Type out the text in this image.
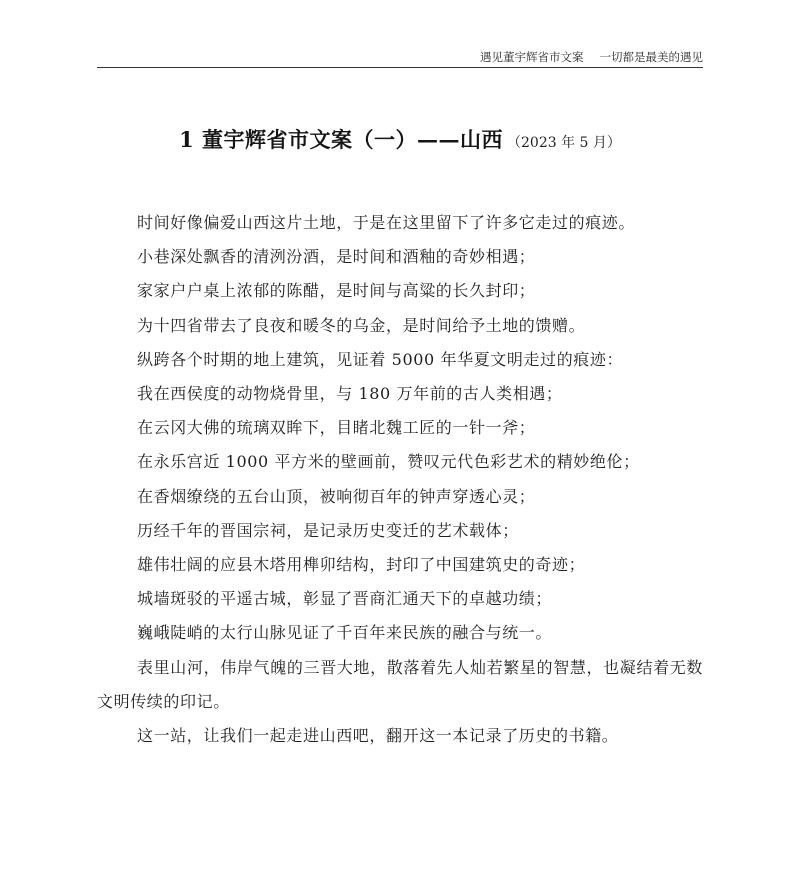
遇见董宇辉省市文案 一切都是最美的遇见
1 董宇辉省市文案（一）——山西 （2023 年 5 月）

时间好像偏爱山西这片土地，于是在这里留下了许多它走过的痕迹。

小巷深处飘香的清洌汾酒，是时间和酒釉的奇妙相遇；

家家户户桌上浓郁的陈醋，是时间与高粱的长久封印；

为十四省带去了良夜和暖冬的乌金，是时间给予土地的馈赠。

纵跨各个时期的地上建筑，见证着 5000 年华夏文明走过的痕迹：

我在西侯度的动物烧骨里，与 180 万年前的古人类相遇；

在云冈大佛的琉璃双眸下，目睹北魏工匠的一针一斧；

在永乐宫近 1000 平方米的壁画前，赞叹元代色彩艺术的精妙绝伦；

在香烟缭绕的五台山顶，被响彻百年的钟声穿透心灵；

历经千年的晋国宗祠，是记录历史变迁的艺术载体；

雄伟壮阔的应县木塔用榫卯结构，封印了中国建筑史的奇迹；

城墙斑驳的平遥古城，彰显了晋商汇通天下的卓越功绩；

巍峨陡峭的太行山脉见证了千百年来民族的融合与统一。

表里山河，伟岸气魄的三晋大地，散落着先人灿若繁星的智慧，也凝结着无数文明传续的印记。

这一站，让我们一起走进山西吧，翻开这一本记录了历史的书籍。
